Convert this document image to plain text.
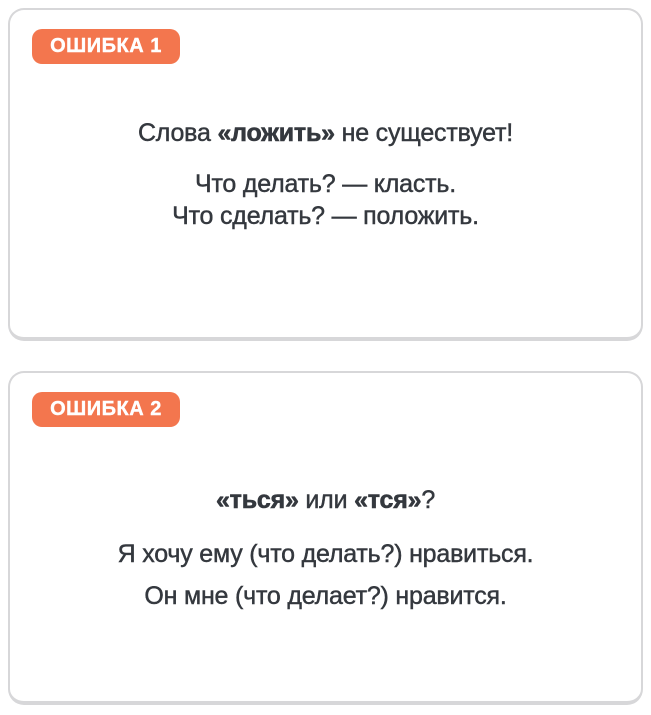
ОШИБКА 1
Слова «ложить» не существует!

Что делать? — класть.
Что сделать? — положить.

ОШИБКА 2
«ться» или «тся»?

Я хочу ему (что делать?) нравиться.
Он мне (что делает?) нравится.
